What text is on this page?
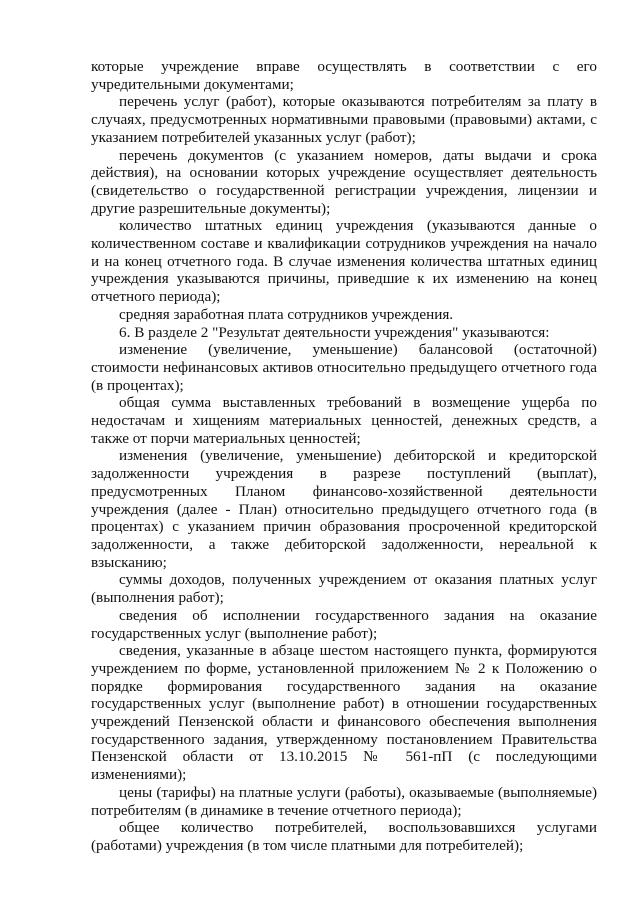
которые учреждение вправе осуществлять в соответствии с его учредительными документами;

перечень услуг (работ), которые оказываются потребителям за плату в случаях, предусмотренных нормативными правовыми (правовыми) актами, с указанием потребителей указанных услуг (работ);

перечень документов (с указанием номеров, даты выдачи и срока действия), на основании которых учреждение осуществляет деятельность (свидетельство о государственной регистрации учреждения, лицензии и другие разрешительные документы);

количество штатных единиц учреждения (указываются данные о количественном составе и квалификации сотрудников учреждения на начало и на конец отчетного года. В случае изменения количества штатных единиц учреждения указываются причины, приведшие к их изменению на конец отчетного периода);

средняя заработная плата сотрудников учреждения.

6. В разделе 2 "Результат деятельности учреждения" указываются:

изменение (увеличение, уменьшение) балансовой (остаточной) стоимости нефинансовых активов относительно предыдущего отчетного года (в процентах);

общая сумма выставленных требований в возмещение ущерба по недостачам и хищениям материальных ценностей, денежных средств, а также от порчи материальных ценностей;

изменения (увеличение, уменьшение) дебиторской и кредиторской задолженности учреждения в разрезе поступлений (выплат), предусмотренных Планом финансово-хозяйственной деятельности учреждения (далее - План) относительно предыдущего отчетного года (в процентах) с указанием причин образования просроченной кредиторской задолженности, а также дебиторской задолженности, нереальной к взысканию;

суммы доходов, полученных учреждением от оказания платных услуг (выполнения работ);

сведения об исполнении государственного задания на оказание государственных услуг (выполнение работ);

сведения, указанные в абзаце шестом настоящего пункта, формируются учреждением по форме, установленной приложением № 2 к Положению о порядке формирования государственного задания на оказание государственных услуг (выполнение работ) в отношении государственных учреждений Пензенской области и финансового обеспечения выполнения государственного задания, утвержденному постановлением Правительства Пензенской области от 13.10.2015 № 561-пП (с последующими изменениями);

цены (тарифы) на платные услуги (работы), оказываемые (выполняемые) потребителям (в динамике в течение отчетного периода);

общее количество потребителей, воспользовавшихся услугами (работами) учреждения (в том числе платными для потребителей);
